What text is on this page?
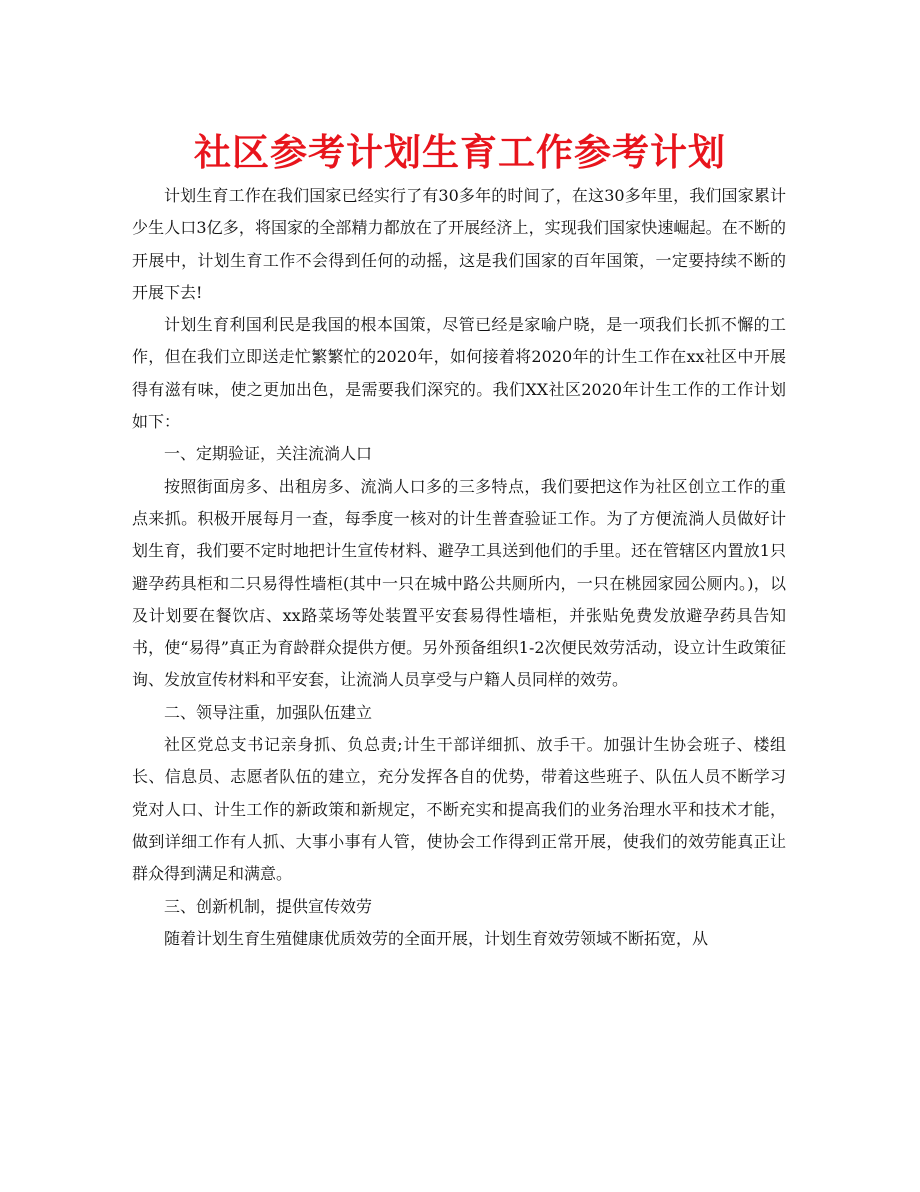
社区参考计划生育工作参考计划

计划生育工作在我们国家已经实行了有30多年的时间了，在这30多年里，我们国家累计少生人口3亿多，将国家的全部精力都放在了开展经济上，实现我们国家快速崛起。在不断的开展中，计划生育工作不会得到任何的动摇，这是我们国家的百年国策，一定要持续不断的开展下去!

计划生育利国利民是我国的根本国策，尽管已经是家喻户晓，是一项我们长抓不懈的工作，但在我们立即送走忙繁繁忙的2020年，如何接着将2020年的计生工作在xx社区中开展得有滋有味，使之更加出色，是需要我们深究的。我们XX社区2020年计生工作的工作计划如下：

一、定期验证，关注流淌人口

按照街面房多、出租房多、流淌人口多的三多特点，我们要把这作为社区创立工作的重点来抓。积极开展每月一查，每季度一核对的计生普查验证工作。为了方便流淌人员做好计划生育，我们要不定时地把计生宣传材料、避孕工具送到他们的手里。还在管辖区内置放1只避孕药具柜和二只易得性墙柜(其中一只在城中路公共厕所内，一只在桃园家园公厕内。)，以及计划要在餐饮店、xx路菜场等处装置平安套易得性墙柜，并张贴免费发放避孕药具告知书，使“易得”真正为育龄群众提供方便。另外预备组织1-2次便民效劳活动，设立计生政策征询、发放宣传材料和平安套，让流淌人员享受与户籍人员同样的效劳。

二、领导注重，加强队伍建立

社区党总支书记亲身抓、负总责;计生干部详细抓、放手干。加强计生协会班子、楼组长、信息员、志愿者队伍的建立，充分发挥各自的优势，带着这些班子、队伍人员不断学习党对人口、计生工作的新政策和新规定，不断充实和提高我们的业务治理水平和技术才能，做到详细工作有人抓、大事小事有人管，使协会工作得到正常开展，使我们的效劳能真正让群众得到满足和满意。

三、创新机制，提供宣传效劳

随着计划生育生殖健康优质效劳的全面开展，计划生育效劳领域不断拓宽，从
